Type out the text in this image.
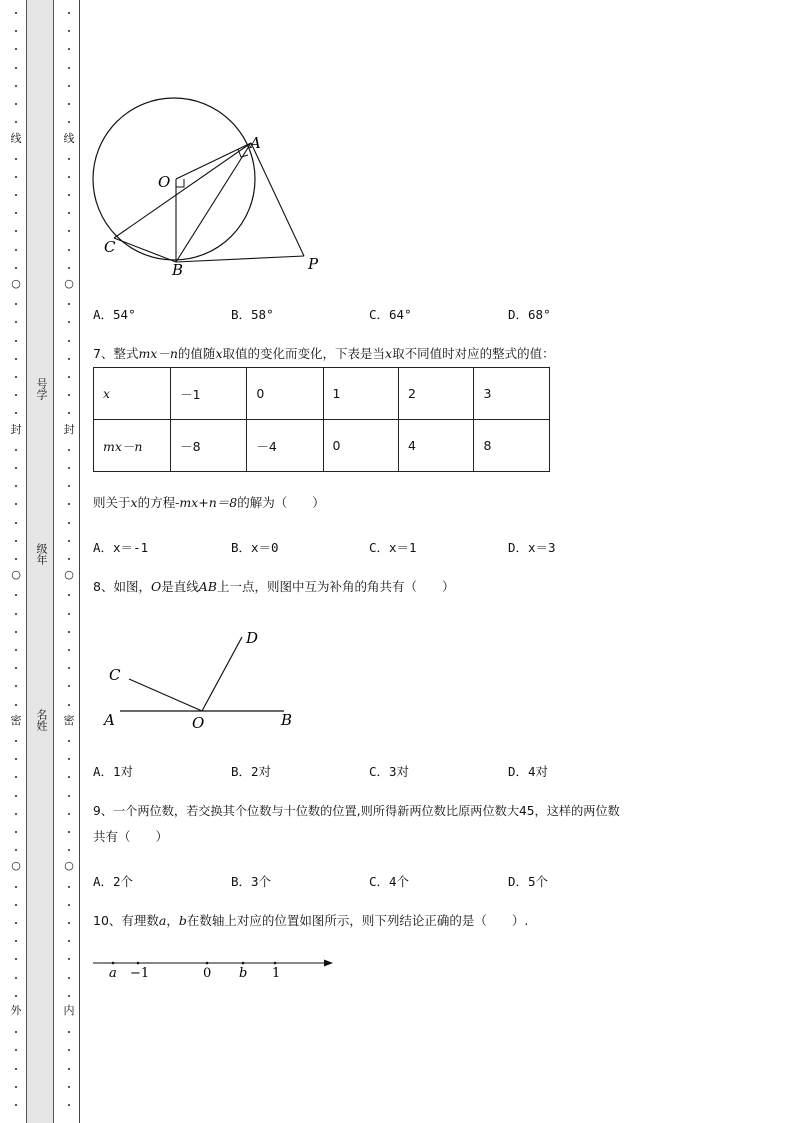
线
○
封
○
密
○
外
线
○
封
○
密
○
内
号学
级年
名姓
A
O
C
B	P
A．54°	B．58°	C．64°	D．68°
7、整式mx－n的值随x取值的变化而变化，下表是当x取不同值时对应的整式的值：
x	－1	0	1	2	3
mx－n	－8	－4	0	4	8
则关于x的方程-mx+n＝8的解为（　　）
A．x＝-1	B．x＝0	C．x＝1	D．x＝3
8、如图，O是直线AB上一点，则图中互为补角的角共有（　　）
D
C
A	O	B
A．1对	B．2对	C．3对	D．4对
9、一个两位数，若交换其个位数与十位数的位置,则所得新两位数比原两位数大45，这样的两位数
共有（　　）
A．2个	B．3个	C．4个	D．5个
10、有理数a，b在数轴上对应的位置如图所示，则下列结论正确的是（　　）.
a −1	0 b 1
